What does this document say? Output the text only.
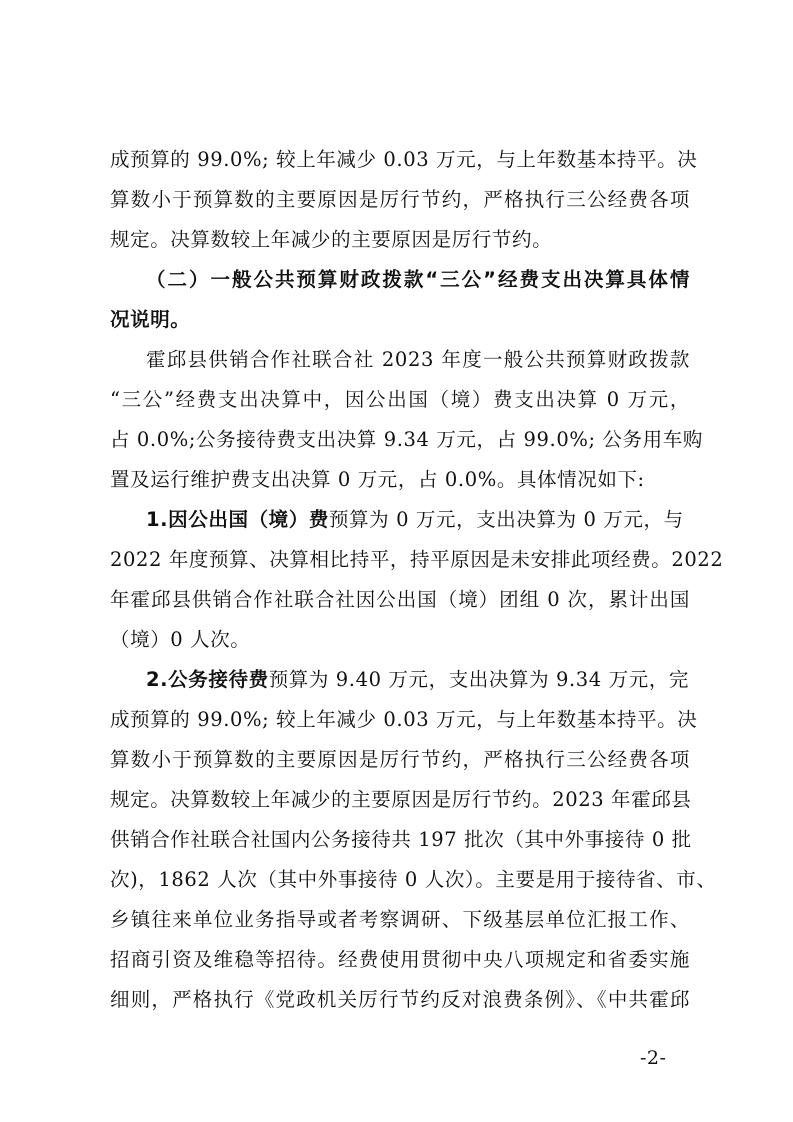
成预算的 99.0%; 较上年减少 0.03 万元，与上年数基本持平。决
算数小于预算数的主要原因是厉行节约，严格执行三公经费各项
规定。决算数较上年减少的主要原因是厉行节约。
（二）一般公共预算财政拨款“三公”经费支出决算具体情
况说明。
霍邱县供销合作社联合社 2023 年度一般公共预算财政拨款
“三公”经费支出决算中，因公出国（境）费支出决算 0 万元，
占 0.0%;公务接待费支出决算 9.34 万元，占 99.0%; 公务用车购
置及运行维护费支出决算 0 万元，占 0.0%。具体情况如下:
1.因公出国（境）费预算为 0 万元，支出决算为 0 万元，与
2022 年度预算、决算相比持平，持平原因是未安排此项经费。2022
年霍邱县供销合作社联合社因公出国（境）团组 0 次，累计出国
（境）0 人次。
2.公务接待费预算为 9.40 万元，支出决算为 9.34 万元，完
成预算的 99.0%; 较上年减少 0.03 万元，与上年数基本持平。决
算数小于预算数的主要原因是厉行节约，严格执行三公经费各项
规定。决算数较上年减少的主要原因是厉行节约。2023 年霍邱县
供销合作社联合社国内公务接待共 197 批次（其中外事接待 0 批
次)，1862 人次（其中外事接待 0 人次）。主要是用于接待省、市、
乡镇往来单位业务指导或者考察调研、下级基层单位汇报工作、
招商引资及维稳等招待。经费使用贯彻中央八项规定和省委实施
细则，严格执行《党政机关厉行节约反对浪费条例》、《中共霍邱
-2-
